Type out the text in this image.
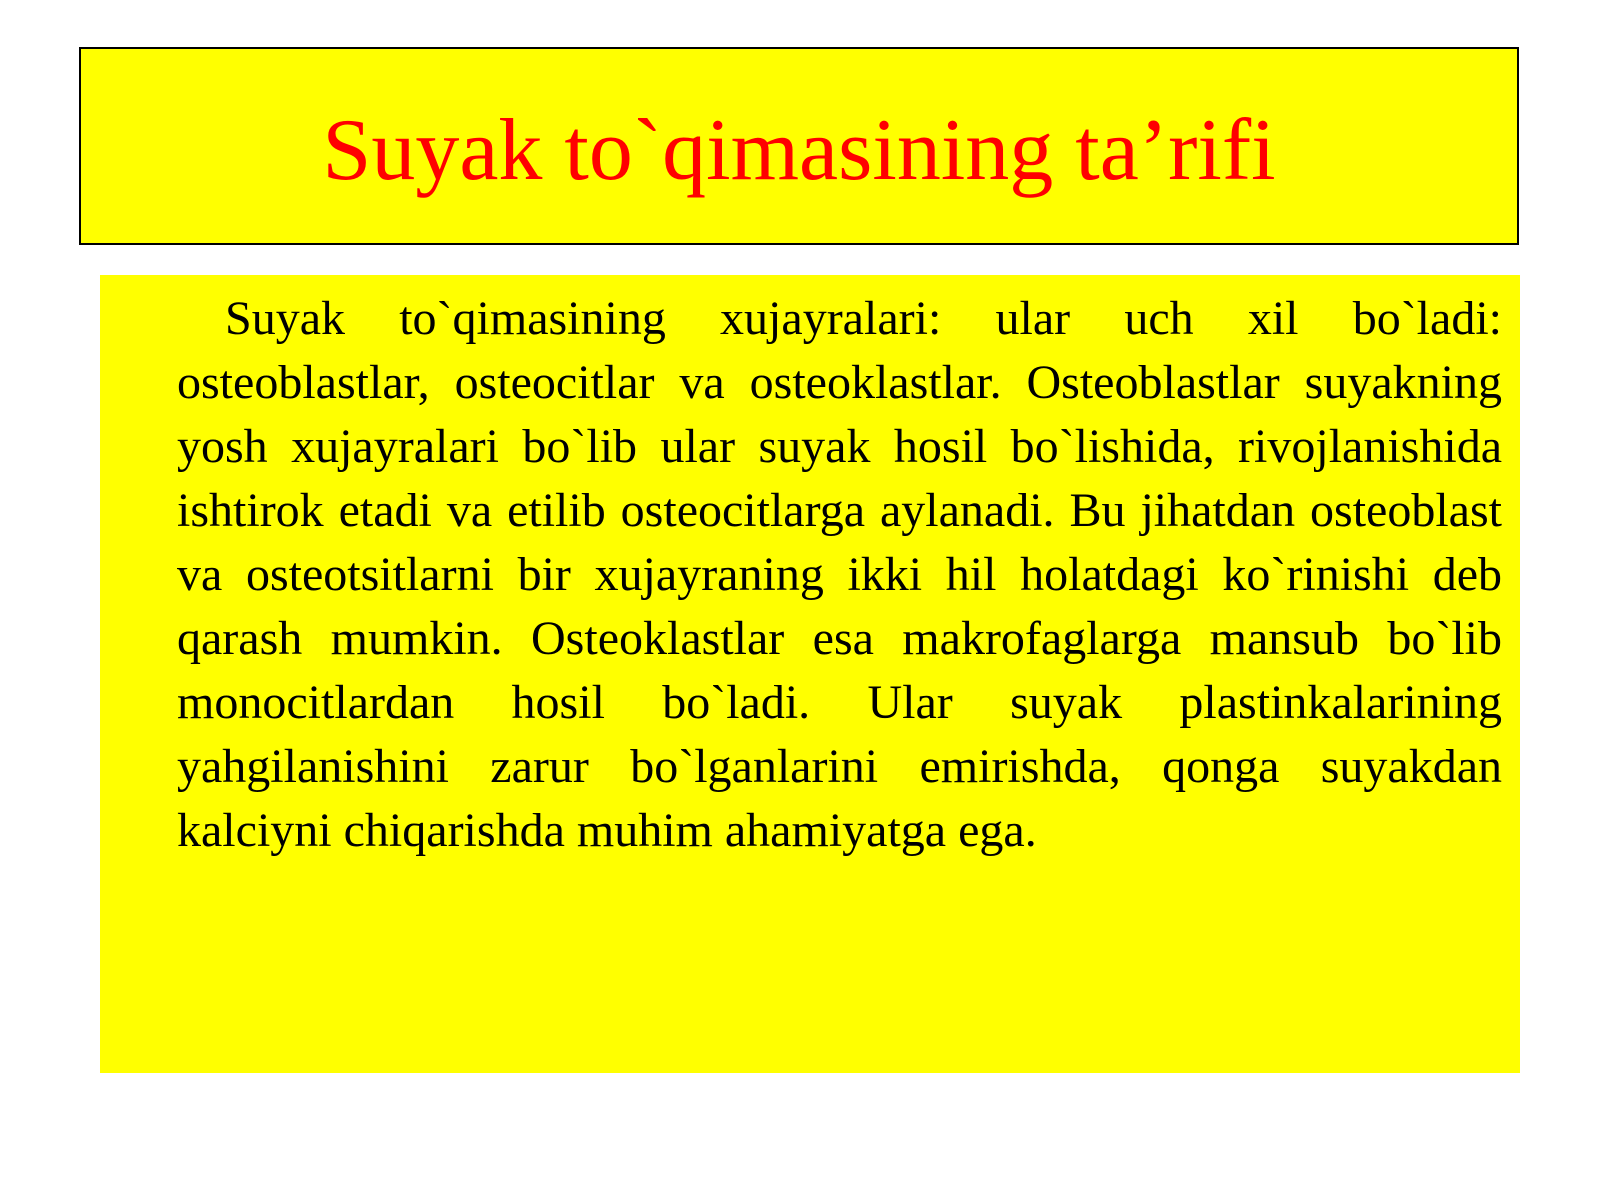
Suyak to`qimasining ta’rifi

Suyak to`qimasining xujayralari: ular uch xil bo`ladi: osteoblastlar, osteocitlar va osteoklastlar. Osteoblastlar suyakning yosh xujayralari bo`lib ular suyak hosil bo`lishida, rivojlanishida ishtirok etadi va etilib osteocitlarga aylanadi. Bu jihatdan osteoblast va osteotsitlarni bir xujayraning ikki hil holatdagi ko`rinishi deb qarash mumkin. Osteoklastlar esa makrofaglarga mansub bo`lib monocitlardan hosil bo`ladi. Ular suyak plastinkalarining yahgilanishini zarur bo`lganlarini emirishda, qonga suyakdan kalciyni chiqarishda muhim ahamiyatga ega.
